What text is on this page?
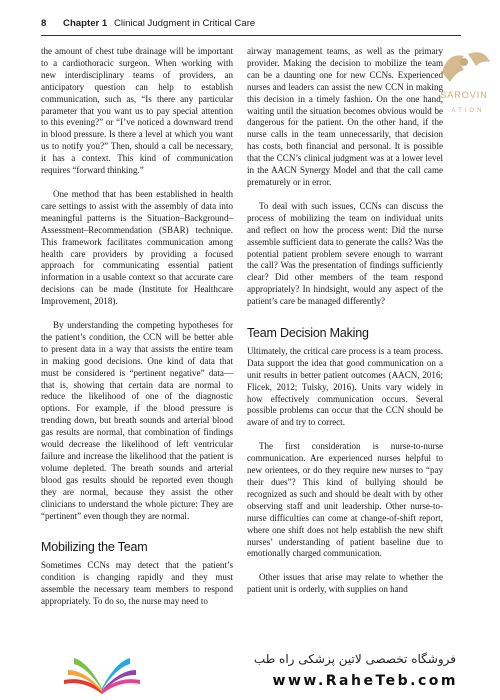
8 Chapter 1 Clinical Judgment in Critical Care

the amount of chest tube drainage will be important to a cardiothoracic surgeon. When working with new interdisciplinary teams of providers, an anticipatory question can help to establish communication, such as, “Is there any particular parameter that you want us to pay special attention to this evening?” or “I’ve noticed a downward trend in blood pressure. Is there a level at which you want us to notify you?” Then, should a call be necessary, it has a context. This kind of communication requires “forward thinking.”

One method that has been established in health care settings to assist with the assembly of data into meaningful patterns is the Situation–Background–Assessment–Recommendation (SBAR) technique. This framework facilitates communication among health care providers by providing a focused approach for communicating essential patient information in a usable context so that accurate care decisions can be made (Institute for Healthcare Improvement, 2018).

By understanding the competing hypotheses for the patient’s condition, the CCN will be better able to present data in a way that assists the entire team in making good decisions. One kind of data that must be considered is “pertinent negative” data—that is, showing that certain data are normal to reduce the likelihood of one of the diagnostic options. For example, if the blood pressure is trending down, but breath sounds and arterial blood gas results are normal, that combination of findings would decrease the likelihood of left ventricular failure and increase the likelihood that the patient is volume depleted. The breath sounds and arterial blood gas results should be reported even though they are normal, because they assist the other clinicians to understand the whole picture: They are “pertinent” even though they are normal.

Mobilizing the Team

Sometimes CCNs may detect that the patient’s condition is changing rapidly and they must assemble the necessary team members to respond appropriately. To do so, the nurse may need to

airway management teams, as well as the primary provider. Making the decision to mobilize the team can be a daunting one for new CCNs. Experienced nurses and leaders can assist the new CCN in making this decision in a timely fashion. On the one hand, waiting until the situation becomes obvious would be dangerous for the patient. On the other hand, if the nurse calls in the team unnecessarily, that decision has costs, both financial and personal. It is possible that the CCN’s clinical judgment was at a lower level in the AACN Synergy Model and that the call came prematurely or in error.

To deal with such issues, CCNs can discuss the process of mobilizing the team on individual units and reflect on how the process went: Did the nurse assemble sufficient data to generate the calls? Was the potential patient problem severe enough to warrant the call? Was the presentation of findings sufficiently clear? Did other members of the team respond appropriately? In hindsight, would any aspect of the patient’s care be managed differently?

Team Decision Making

Ultimately, the critical care process is a team process. Data support the idea that good communication on a unit results in better patient outcomes (AACN, 2016; Flicek, 2012; Tulsky, 2016). Units vary widely in how effectively communication occurs. Several possible problems can occur that the CCN should be aware of and try to correct.

The first consideration is nurse-to-nurse communication. Are experienced nurses helpful to new orientees, or do they require new nurses to “pay their dues”? This kind of bullying should be recognized as such and should be dealt with by other observing staff and unit leadership. Other nurse-to-nurse difficulties can come at change-of-shift report, where one shift does not help establish the new shift nurses’ understanding of patient baseline due to emotionally charged communication.

Other issues that arise may relate to whether the patient unit is orderly, with supplies on hand

SAROVIN
ATION
فروشگاه تخصصی لاتین پزشکی راه طب
www.RaheTeb.com
